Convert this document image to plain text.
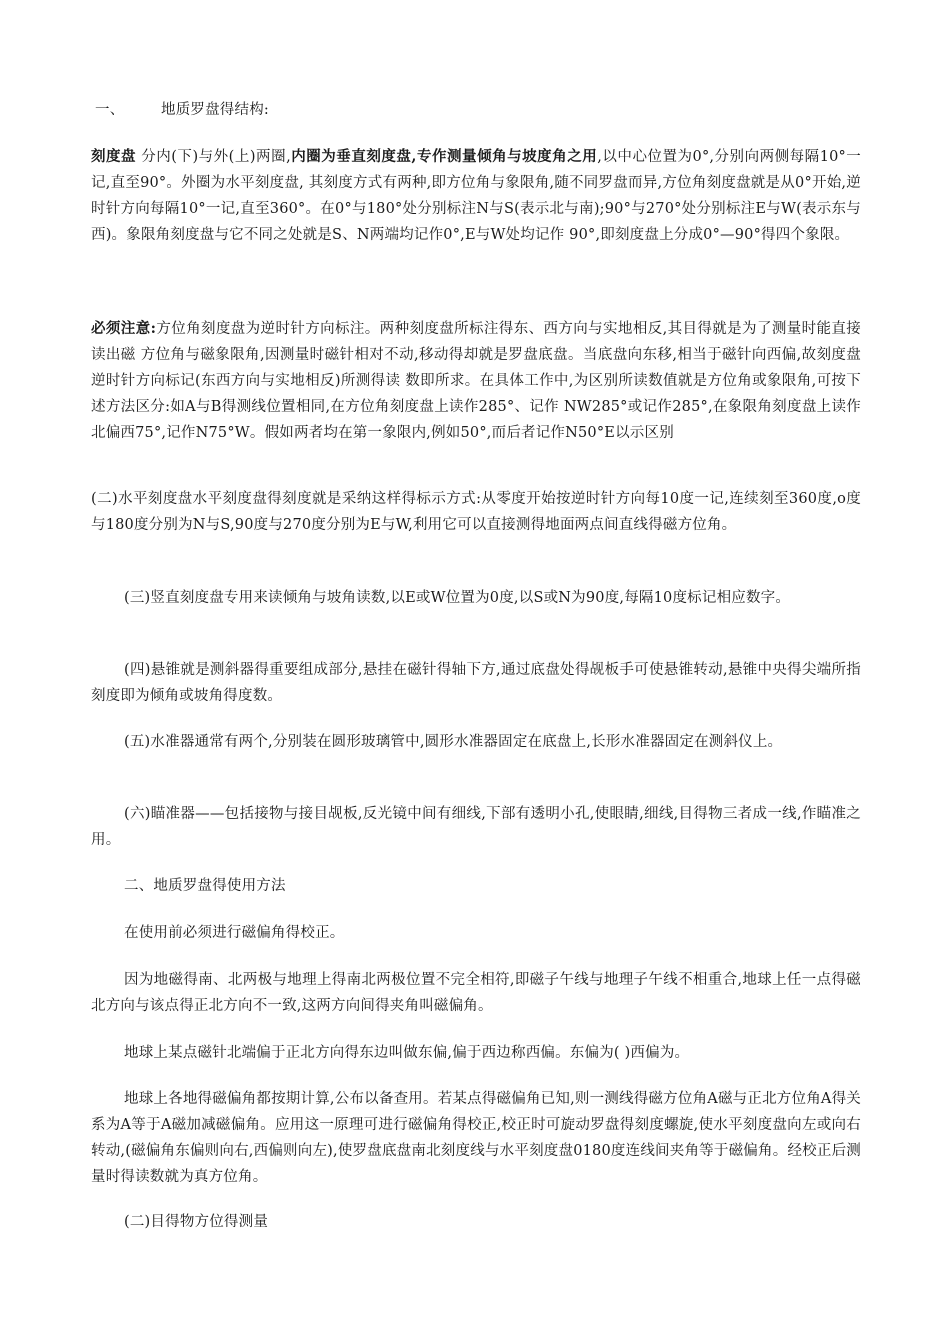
一、	地质罗盘得结构:

刻度盘 分内(下)与外(上)两圈,内圈为垂直刻度盘,专作测量倾角与坡度角之用,以中心位置为0°,分别向两侧每隔10°一记,直至90°。外圈为水平刻度盘, 其刻度方式有两种,即方位角与象限角,随不同罗盘而异,方位角刻度盘就是从0°开始,逆时针方向每隔10°一记,直至360°。在0°与180°处分别标注N与S(表示北与南);90°与270°处分别标注E与W(表示东与西)。象限角刻度盘与它不同之处就是S、N两端均记作0°,E与W处均记作 90°,即刻度盘上分成0°—90°得四个象限。

必须注意:方位角刻度盘为逆时针方向标注。两种刻度盘所标注得东、西方向与实地相反,其目得就是为了测量时能直接读出磁 方位角与磁象限角,因测量时磁针相对不动,移动得却就是罗盘底盘。当底盘向东移,相当于磁针向西偏,故刻度盘逆时针方向标记(东西方向与实地相反)所测得读 数即所求。在具体工作中,为区别所读数值就是方位角或象限角,可按下述方法区分:如A与B得测线位置相同,在方位角刻度盘上读作285°、记作 NW285°或记作285°,在象限角刻度盘上读作北偏西75°,记作N75°W。假如两者均在第一象限内,例如50°,而后者记作N50°E以示区别

(二)水平刻度盘水平刻度盘得刻度就是采纳这样得标示方式:从零度开始按逆时针方向每10度一记,连续刻至360度,o度与180度分别为N与S,90度与270度分别为E与W,利用它可以直接测得地面两点间直线得磁方位角。

(三)竖直刻度盘专用来读倾角与坡角读数,以E或W位置为0度,以S或N为90度,每隔10度标记相应数字。

(四)悬锥就是测斜器得重要组成部分,悬挂在磁针得轴下方,通过底盘处得觇板手可使悬锥转动,悬锥中央得尖端所指刻度即为倾角或坡角得度数。

(五)水准器通常有两个,分别装在圆形玻璃管中,圆形水准器固定在底盘上,长形水准器固定在测斜仪上。

(六)瞄准器——包括接物与接目觇板,反光镜中间有细线,下部有透明小孔,使眼睛,细线,目得物三者成一线,作瞄准之用。

二、地质罗盘得使用方法

在使用前必须进行磁偏角得校正。

因为地磁得南、北两极与地理上得南北两极位置不完全相符,即磁子午线与地理子午线不相重合,地球上任一点得磁北方向与该点得正北方向不一致,这两方向间得夹角叫磁偏角。

地球上某点磁针北端偏于正北方向得东边叫做东偏,偏于西边称西偏。东偏为( )西偏为。

地球上各地得磁偏角都按期计算,公布以备查用。若某点得磁偏角已知,则一测线得磁方位角A磁与正北方位角A得关系为A等于A磁加减磁偏角。应用这一原理可进行磁偏角得校正,校正时可旋动罗盘得刻度螺旋,使水平刻度盘向左或向右转动,(磁偏角东偏则向右,西偏则向左),使罗盘底盘南北刻度线与水平刻度盘0180度连线间夹角等于磁偏角。经校正后测量时得读数就为真方位角。

(二)目得物方位得测量
